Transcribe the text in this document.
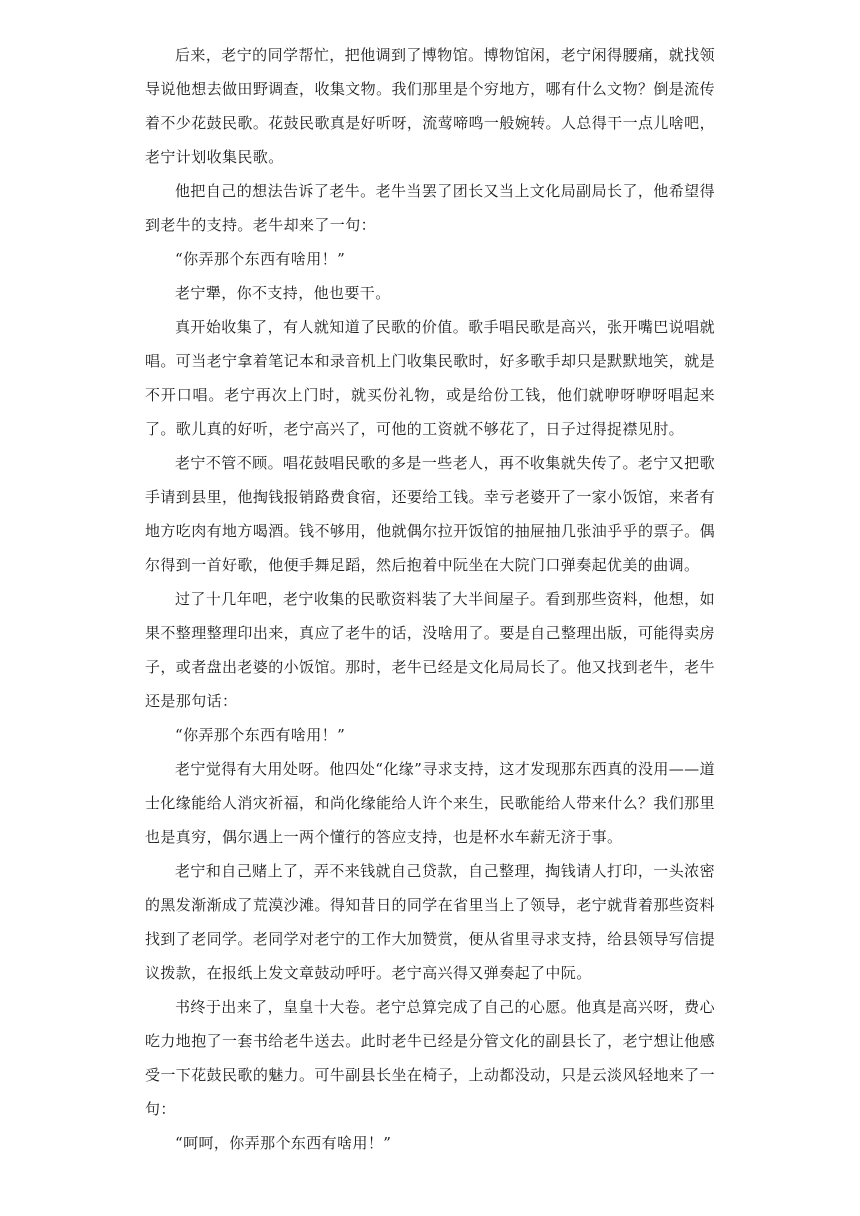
后来，老宁的同学帮忙，把他调到了博物馆。博物馆闲，老宁闲得腰痛，就找领导说他想去做田野调查，收集文物。我们那里是个穷地方，哪有什么文物？倒是流传着不少花鼓民歌。花鼓民歌真是好听呀，流莺啼鸣一般婉转。人总得干一点儿啥吧，老宁计划收集民歌。

他把自己的想法告诉了老牛。老牛当罢了团长又当上文化局副局长了，他希望得到老牛的支持。老牛却来了一句：

“你弄那个东西有啥用！”

老宁犟，你不支持，他也要干。

真开始收集了，有人就知道了民歌的价值。歌手唱民歌是高兴，张开嘴巴说唱就唱。可当老宁拿着笔记本和录音机上门收集民歌时，好多歌手却只是默默地笑，就是不开口唱。老宁再次上门时，就买份礼物，或是给份工钱，他们就咿呀咿呀唱起来了。歌儿真的好听，老宁高兴了，可他的工资就不够花了，日子过得捉襟见肘。

老宁不管不顾。唱花鼓唱民歌的多是一些老人，再不收集就失传了。老宁又把歌手请到县里，他掏钱报销路费食宿，还要给工钱。幸亏老婆开了一家小饭馆，来者有地方吃肉有地方喝酒。钱不够用，他就偶尔拉开饭馆的抽屉抽几张油乎乎的票子。偶尔得到一首好歌，他便手舞足蹈，然后抱着中阮坐在大院门口弹奏起优美的曲调。

过了十几年吧，老宁收集的民歌资料装了大半间屋子。看到那些资料，他想，如果不整理整理印出来，真应了老牛的话，没啥用了。要是自己整理出版，可能得卖房子，或者盘出老婆的小饭馆。那时，老牛已经是文化局局长了。他又找到老牛，老牛还是那句话：

“你弄那个东西有啥用！”

老宁觉得有大用处呀。他四处“化缘”寻求支持，这才发现那东西真的没用——道士化缘能给人消灾祈福，和尚化缘能给人许个来生，民歌能给人带来什么？我们那里也是真穷，偶尔遇上一两个懂行的答应支持，也是杯水车薪无济于事。

老宁和自己赌上了，弄不来钱就自己贷款，自己整理，掏钱请人打印，一头浓密的黑发渐渐成了荒漠沙滩。得知昔日的同学在省里当上了领导，老宁就背着那些资料找到了老同学。老同学对老宁的工作大加赞赏，便从省里寻求支持，给县领导写信提议拨款，在报纸上发文章鼓动呼吁。老宁高兴得又弹奏起了中阮。

书终于出来了，皇皇十大卷。老宁总算完成了自己的心愿。他真是高兴呀，费心吃力地抱了一套书给老牛送去。此时老牛已经是分管文化的副县长了，老宁想让他感受一下花鼓民歌的魅力。可牛副县长坐在椅子，上动都没动，只是云淡风轻地来了一句：

“呵呵，你弄那个东西有啥用！”
